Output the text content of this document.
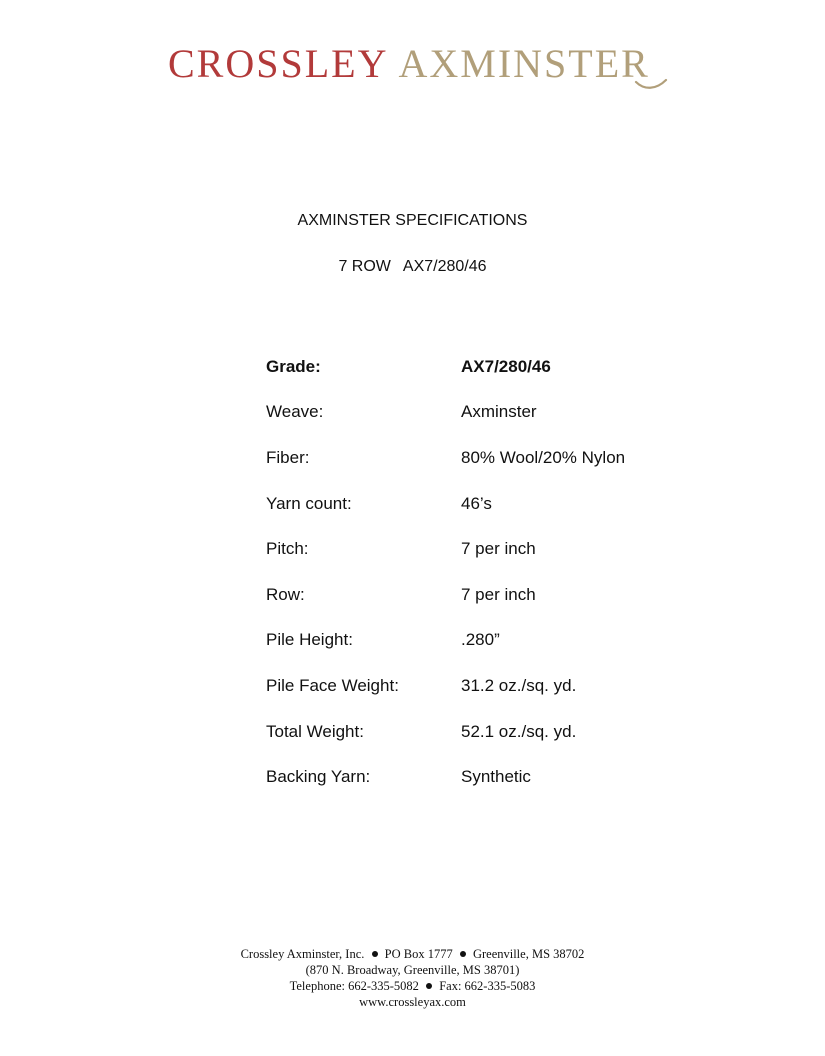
CROSSLEY AXMINSTER
AXMINSTER SPECIFICATIONS
7 ROW AX7/280/46
Grade:	AX7/280/46
Weave:	Axminster
Fiber:	80% Wool/20% Nylon
Yarn count:	46’s
Pitch:	7 per inch
Row:	7 per inch
Pile Height:	.280”
Pile Face Weight:	31.2 oz./sq. yd.
Total Weight:	52.1 oz./sq. yd.
Backing Yarn:	Synthetic
Crossley Axminster, Inc. PO Box 1777 Greenville, MS 38702
(870 N. Broadway, Greenville, MS 38701)
Telephone: 662-335-5082 Fax: 662-335-5083
www.crossleyax.com
